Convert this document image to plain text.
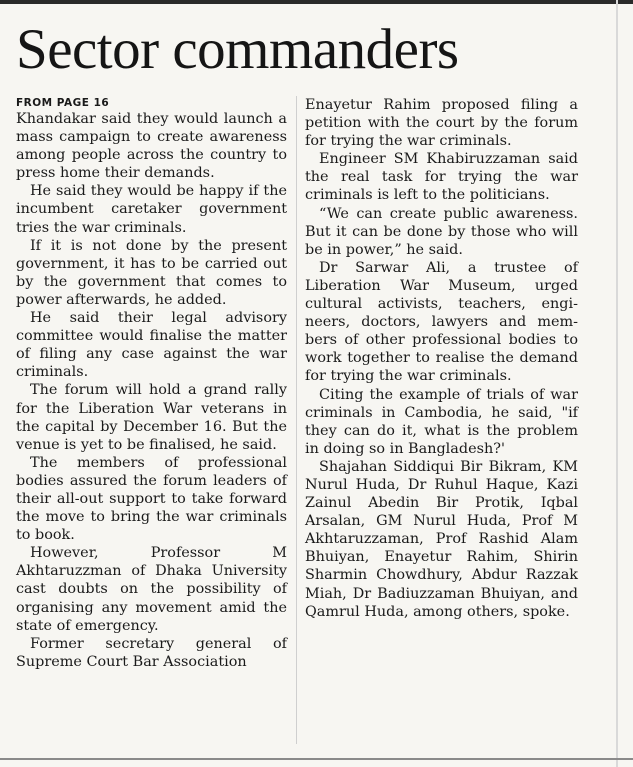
Sector commanders
FROM PAGE 16

Khandakar said they would launch a mass campaign to create awareness among people across the country to press home their demands.

He said they would be happy if the incumbent caretaker government tries the war criminals.

If it is not done by the present government, it has to be carried out by the government that comes to power afterwards, he added.

He said their legal advisory committee would finalise the matter of filing any case against the war criminals.

The forum will hold a grand rally for the Liberation War veterans in the capital by December 16. But the venue is yet to be finalised, he said.

The members of professional bodies assured the forum leaders of their all-out support to take forward the move to bring the war criminals to book.

However, Professor M Akhtaruzzman of Dhaka University cast doubts on the possibility of organising any movement amid the state of emergency.

Former secretary general of Supreme Court Bar Association

Enayetur Rahim proposed filing a petition with the court by the forum for trying the war criminals.

Engineer SM Khabiruzzaman said the real task for trying the war criminals is left to the politicians.

“We can create public awareness. But it can be done by those who will be in power,” he said.

Dr Sarwar Ali, a trustee of Liberation War Museum, urged cultural activists, teachers, engineers, doctors, lawyers and members of other professional bodies to work together to realise the demand for trying the war criminals.

Citing the example of trials of war criminals in Cambodia, he said, "if they can do it, what is the problem in doing so in Bangladesh?'

Shajahan Siddiqui Bir Bikram, KM Nurul Huda, Dr Ruhul Haque, Kazi Zainul Abedin Bir Protik, Iqbal Arsalan, GM Nurul Huda, Prof M Akhtaruzzaman, Prof Rashid Alam Bhuiyan, Enayetur Rahim, Shirin Sharmin Chowdhury, Abdur Razzak Miah, Dr Badiuzzaman Bhuiyan, and Qamrul Huda, among others, spoke.
